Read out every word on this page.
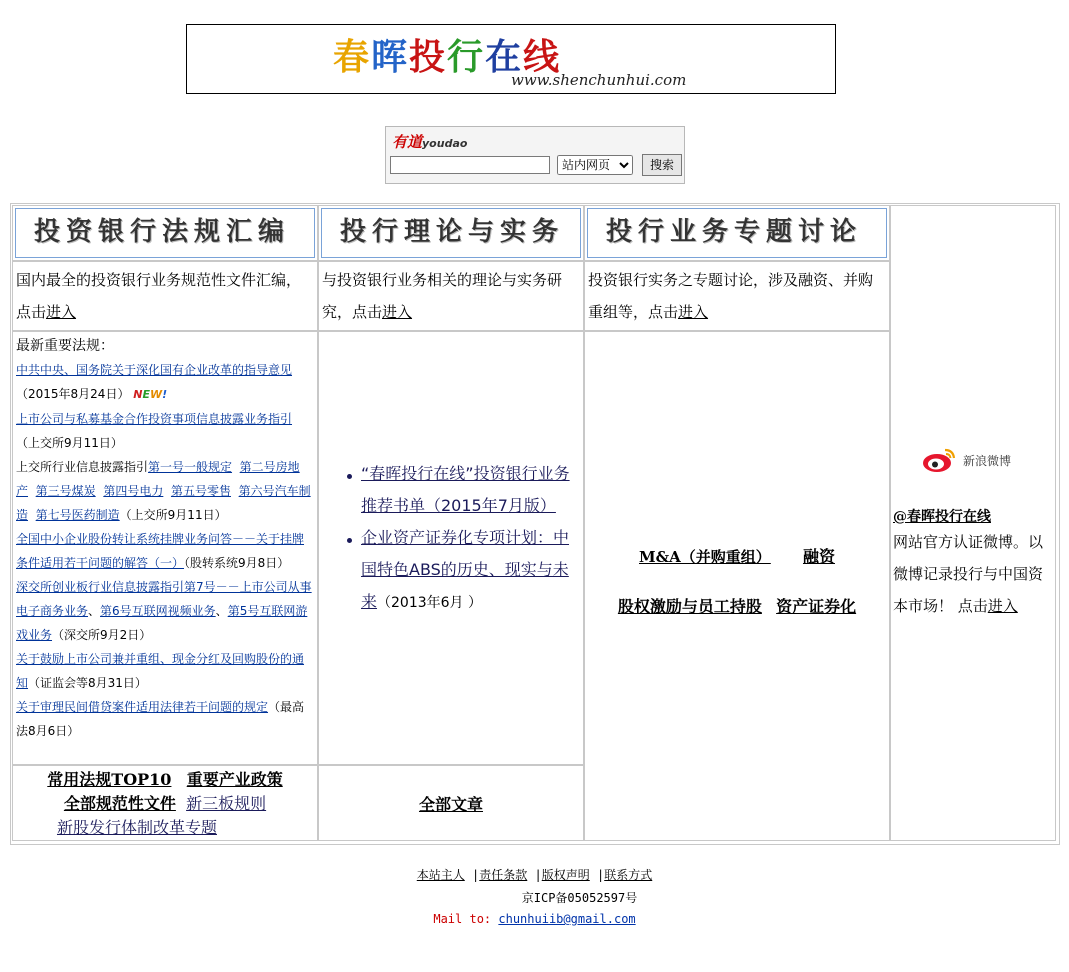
春晖投行在线
www.shenchunhui.com
有道youdao
站内网页
搜索
投资银行法规汇编	投行理论与实务	投行业务专题讨论
国内最全的投资银行业务规范性文件汇编，点击进入
与投资银行业务相关的理论与实务研究，点击进入
投资银行实务之专题讨论，涉及融资、并购重组等，点击进入
最新重要法规：
中共中央、国务院关于深化国有企业改革的指导意见
（2015年8月24日） NEW!
上市公司与私募基金合作投资事项信息披露业务指引
（上交所9月11日）
上交所行业信息披露指引第一号一般规定 第二号房地产 第三号煤炭 第四号电力 第五号零售 第六号汽车制造 第七号医药制造（上交所9月11日）
全国中小企业股份转让系统挂牌业务问答－－关于挂牌条件适用若干问题的解答（一）（股转系统9月8日）
深交所创业板行业信息披露指引第7号－－上市公司从事电子商务业务、第6号互联网视频业务、第5号互联网游戏业务（深交所9月2日）
关于鼓励上市公司兼并重组、现金分红及回购股份的通知（证监会等8月31日）
关于审理民间借贷案件适用法律若干问题的规定（最高法8月6日）
“春晖投行在线”投资银行业务推荐书单（2015年7月版）
企业资产证券化专项计划：中国特色ABS的历史、现实与未来（2013年6月 ）
M&A（并购重组） 融资
股权激励与员工持股 资产证券化
新浪微博
@春晖投行在线
网站官方认证微博。以微博记录投行与中国资本市场！ 点击进入
常用法规TOP10 重要产业政策
全部规范性文件 新三板规则
新股发行体制改革专题
全部文章
本站主人 |责任条款 |版权声明 |联系方式
京ICP备05052597号
Mail to: chunhuiib@gmail.com
